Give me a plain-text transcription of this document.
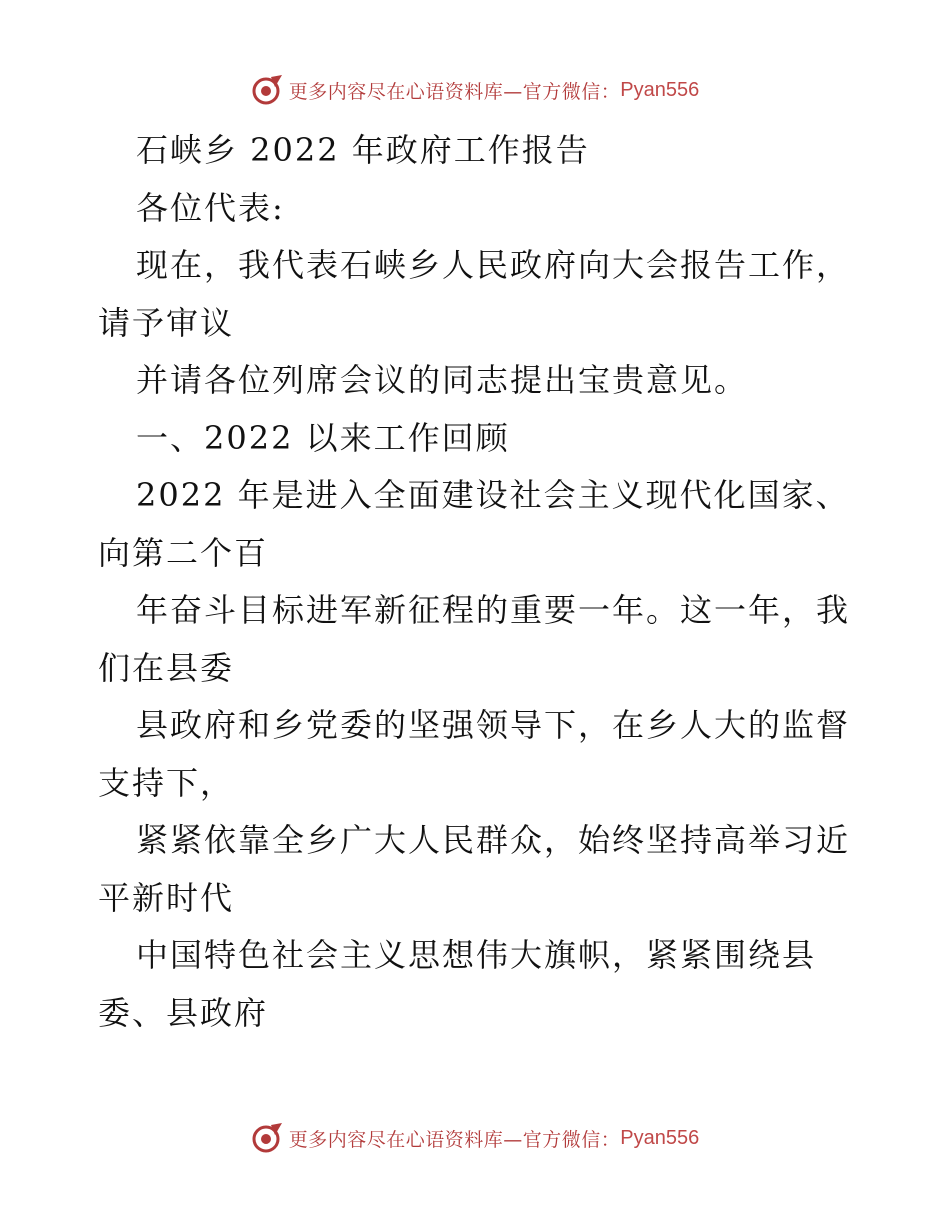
更多内容尽在心语资料库—官方微信： Pyan556
石峡乡 2022 年政府工作报告
各位代表:
现在，我代表石峡乡人民政府向大会报告工作，
请予审议
并请各位列席会议的同志提出宝贵意见。
一、2022 以来工作回顾
2022 年是进入全面建设社会主义现代化国家、
向第二个百
年奋斗目标进军新征程的重要一年。这一年，我
们在县委
县政府和乡党委的坚强领导下，在乡人大的监督
支持下，
紧紧依靠全乡广大人民群众，始终坚持高举习近
平新时代
中国特色社会主义思想伟大旗帜，紧紧围绕县
委、县政府
更多内容尽在心语资料库—官方微信： Pyan556
